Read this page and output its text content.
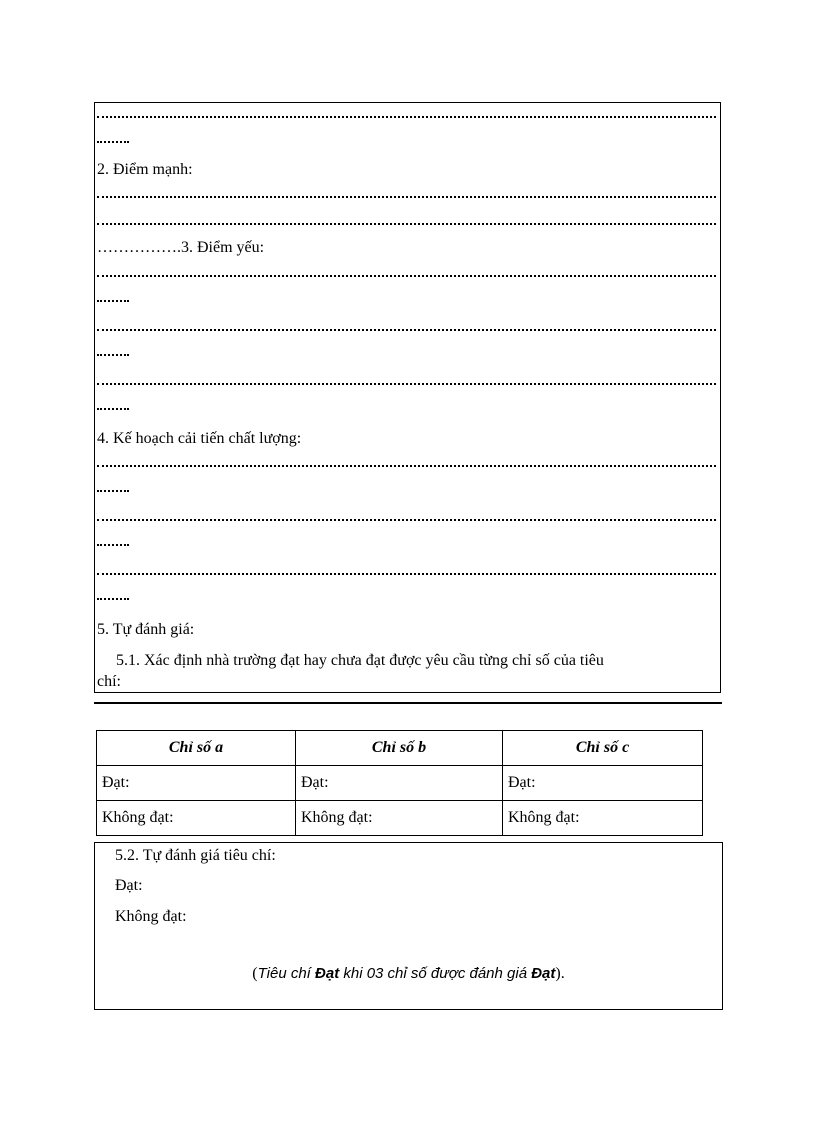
2. Điểm mạnh:
…………….3. Điểm yếu:
4. Kế hoạch cải tiến chất lượng:
5. Tự đánh giá:
5.1. Xác định nhà trường đạt hay chưa đạt được yêu cầu từng chỉ số của tiêu
chí:
Chỉ số a	Chỉ số b	Chỉ số c
Đạt:	Đạt:	Đạt:
Không đạt:	Không đạt:	Không đạt:
5.2. Tự đánh giá tiêu chí:
Đạt:
Không đạt:
(Tiêu chí Đạt khi 03 chỉ số được đánh giá Đạt).
